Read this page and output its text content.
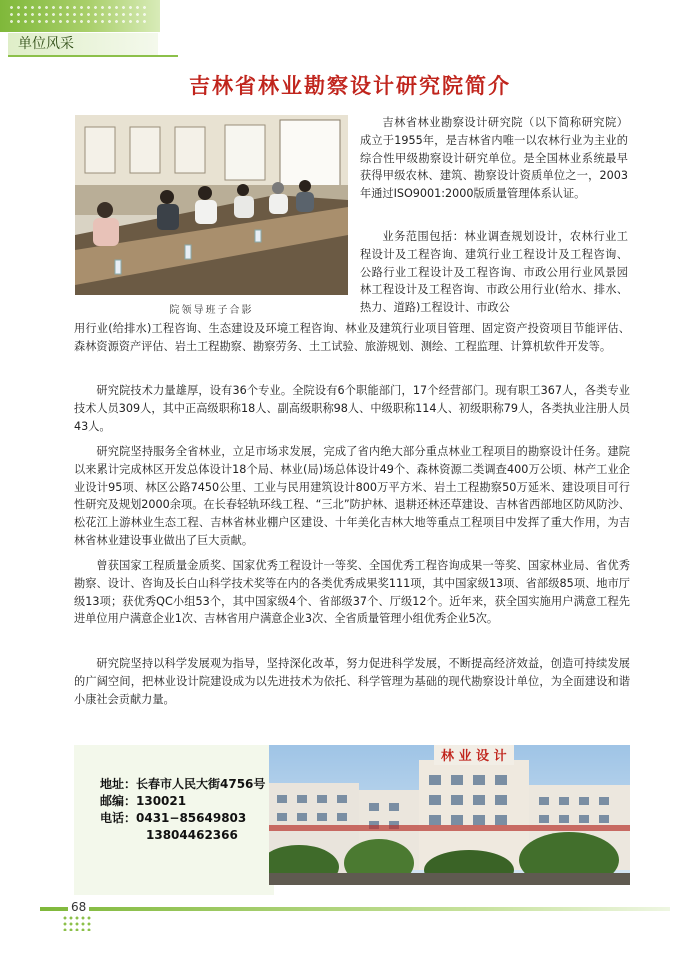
单位风采
吉林省林业勘察设计研究院简介
院领导班子合影

吉林省林业勘察设计研究院（以下简称研究院）成立于1955年，是吉林省内唯一以农林行业为主业的综合性甲级勘察设计研究单位。是全国林业系统最早获得甲级农林、建筑、勘察设计资质单位之一，2003年通过ISO9001:2000版质量管理体系认证。

业务范围包括：林业调查规划设计，农林行业工程设计及工程咨询、建筑行业工程设计及工程咨询、公路行业工程设计及工程咨询、市政公用行业风景园林工程设计及工程咨询、市政公用行业(给水、排水、热力、道路)工程设计、市政公

用行业(给排水)工程咨询、生态建设及环境工程咨询、林业及建筑行业项目管理、固定资产投资项目节能评估、森林资源资产评估、岩土工程勘察、勘察劳务、土工试验、旅游规划、测绘、工程监理、计算机软件开发等。

研究院技术力量雄厚，设有36个专业。全院设有6个职能部门，17个经营部门。现有职工367人，各类专业技术人员309人，其中正高级职称18人、副高级职称98人、中级职称114人、初级职称79人，各类执业注册人员43人。

研究院坚持服务全省林业，立足市场求发展，完成了省内绝大部分重点林业工程项目的勘察设计任务。建院以来累计完成林区开发总体设计18个局、林业(局)场总体设计49个、森林资源二类调查400万公顷、林产工业企业设计95项、林区公路7450公里、工业与民用建筑设计800万平方米、岩土工程勘察50万延米、建设项目可行性研究及规划2000余项。在长春轻轨环线工程、“三北”防护林、退耕还林还草建设、吉林省西部地区防风防沙、松花江上游林业生态工程、吉林省林业棚户区建设、十年美化吉林大地等重点工程项目中发挥了重大作用，为吉林省林业建设事业做出了巨大贡献。

曾获国家工程质量金质奖、国家优秀工程设计一等奖、全国优秀工程咨询成果一等奖、国家林业局、省优秀勘察、设计、咨询及长白山科学技术奖等在内的各类优秀成果奖111项，其中国家级13项、省部级85项、地市厅级13项；获优秀QC小组53个，其中国家级4个、省部级37个、厅级12个。近年来，获全国实施用户满意工程先进单位用户满意企业1次、吉林省用户满意企业3次、全省质量管理小组优秀企业5次。

研究院坚持以科学发展观为指导，坚持深化改革，努力促进科学发展，不断提高经济效益，创造可持续发展的广阔空间，把林业设计院建设成为以先进技术为依托、科学管理为基础的现代勘察设计单位，为全面建设和谐小康社会贡献力量。

地址：长春市人民大街4756号
邮编：130021
电话：0431−85649803
13804462366
林 业 设 计
68
